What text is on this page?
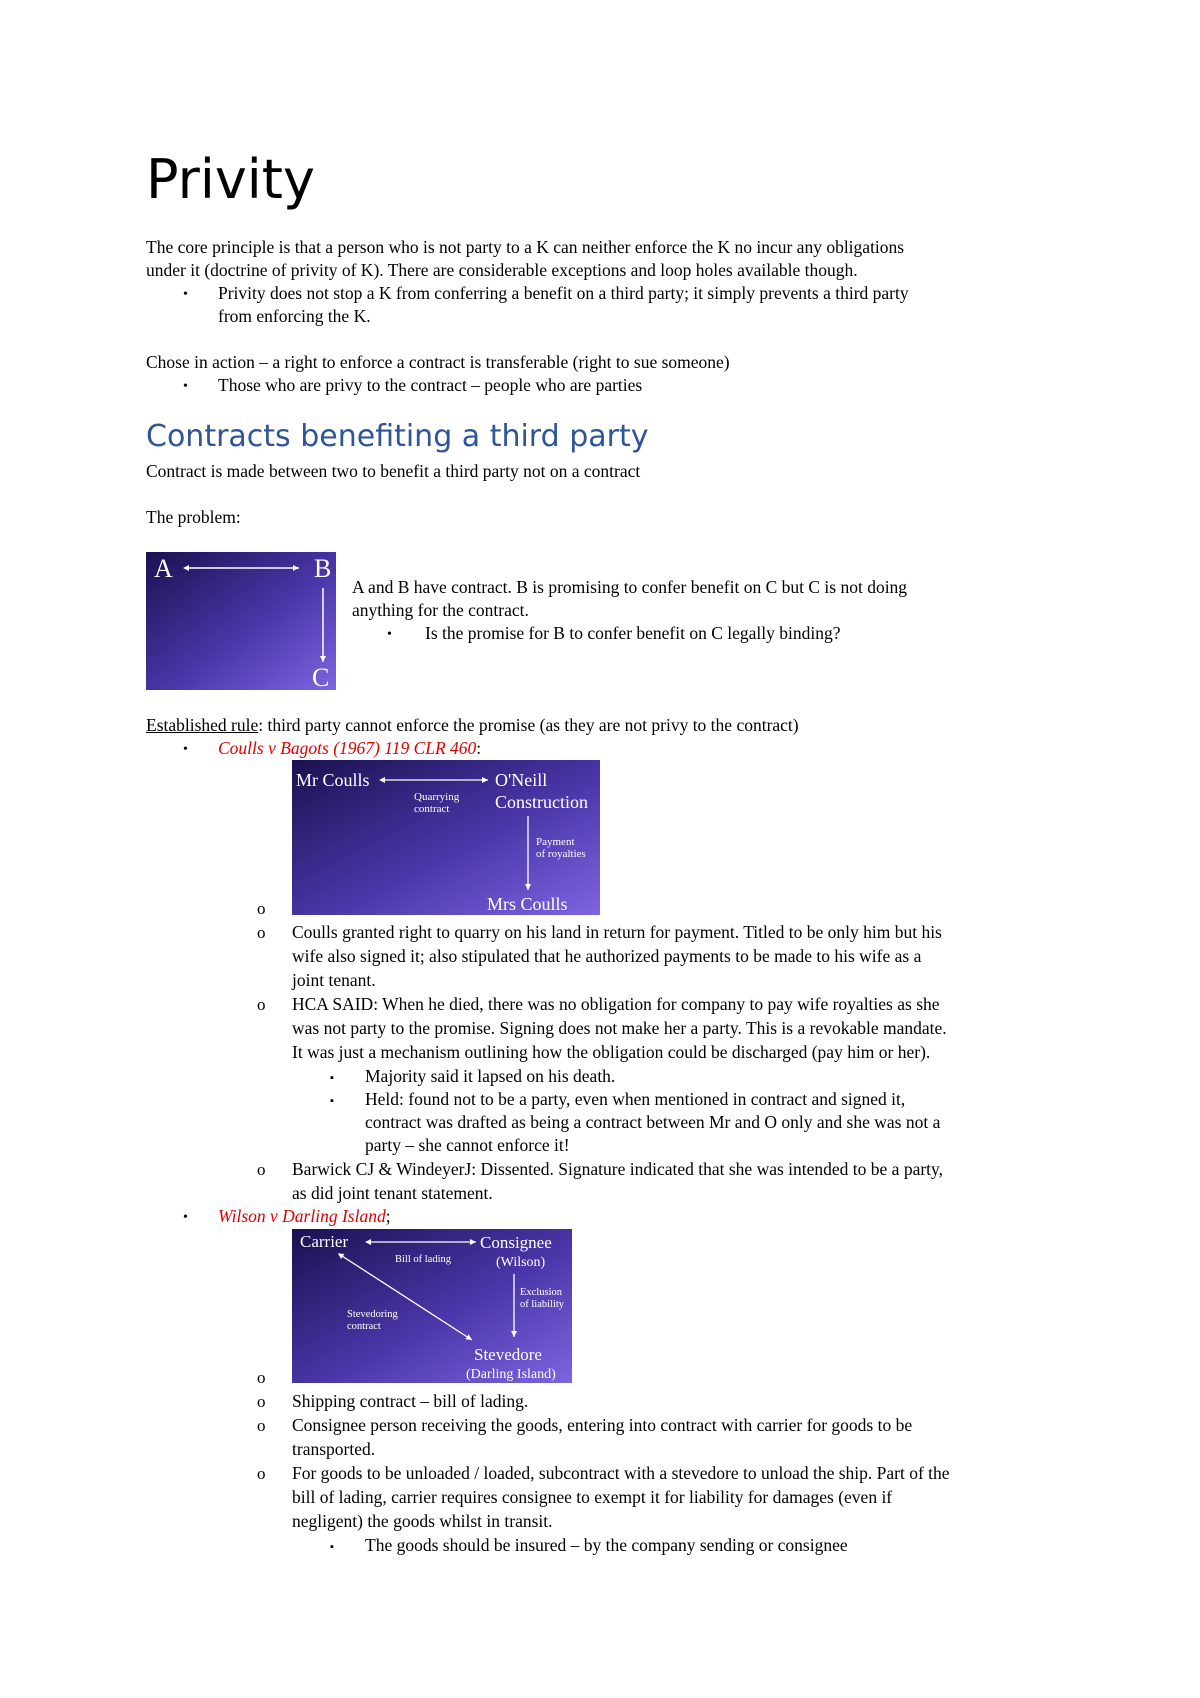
Privity

The core principle is that a person who is not party to a K can neither enforce the K no incur any obligations

under it (doctrine of privity of K). There are considerable exceptions and loop holes available though.

• Privity does not stop a K from conferring a benefit on a third party; it simply prevents a third party

from enforcing the K.

Chose in action – a right to enforce a contract is transferable (right to sue someone)

• Those who are privy to the contract – people who are parties

Contracts benefiting a third party

Contract is made between two to benefit a third party not on a contract

The problem:

A	B
C

A and B have contract. B is promising to confer benefit on C but C is not doing

anything for the contract.

• Is the promise for B to confer benefit on C legally binding?

Established rule: third party cannot enforce the promise (as they are not privy to the contract)

• Coulls v Bagots (1967) 119 CLR 460:

Mr Coulls	O'Neill
Construction
Quarrying
contract
Payment
of royalties
Mrs Coulls
o
o Coulls granted right to quarry on his land in return for payment. Titled to be only him but his

wife also signed it; also stipulated that he authorized payments to be made to his wife as a

joint tenant.

o HCA SAID: When he died, there was no obligation for company to pay wife royalties as she

was not party to the promise. Signing does not make her a party. This is a revokable mandate.

It was just a mechanism outlining how the obligation could be discharged (pay him or her).

▪ Majority said it lapsed on his death.

▪ Held: found not to be a party, even when mentioned in contract and signed it,

contract was drafted as being a contract between Mr and O only and she was not a

party – she cannot enforce it!

o Barwick CJ & WindeyerJ: Dissented. Signature indicated that she was intended to be a party,

as did joint tenant statement.

• Wilson v Darling Island;

Carrier	Consignee
(Wilson)
Bill of lading
Exclusion
of liability
Stevedoring
contract
Stevedore
(Darling Island)
o
o Shipping contract – bill of lading.

o Consignee person receiving the goods, entering into contract with carrier for goods to be

transported.

o For goods to be unloaded / loaded, subcontract with a stevedore to unload the ship. Part of the

bill of lading, carrier requires consignee to exempt it for liability for damages (even if

negligent) the goods whilst in transit.

▪ The goods should be insured – by the company sending or consignee
